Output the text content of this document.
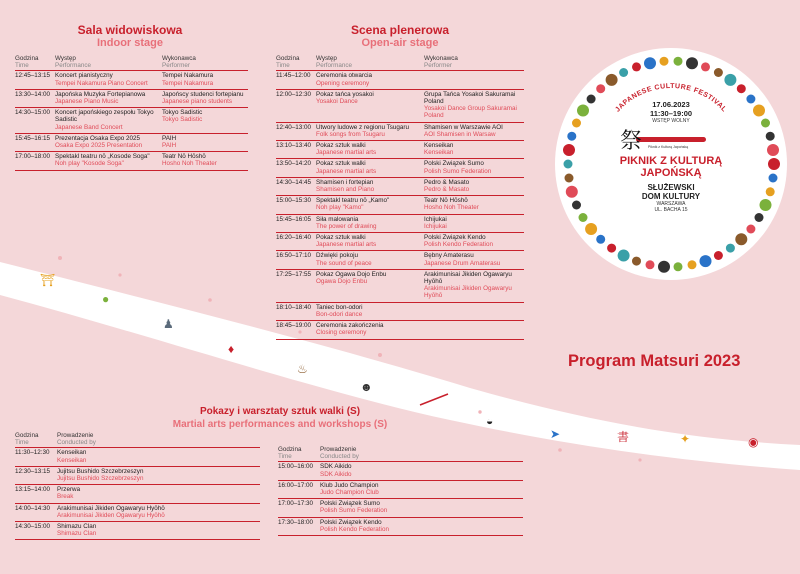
⛩
●
♟
♦
♨
☻
◒
➤	書	✦	◉
Sala widowiskowa
Indoor stage
Godzina
Time	Występ
Performance	Wykonawca
Performer

12:45–13:15	Koncert pianistyczny
Tempei Nakamura Piano Concert	Tempei Nakamura
Tempei Nakamura

13:30–14:00	Japońska Muzyka Fortepianowa
Japanese Piano Music	Japońscy studenci fortepianu
Japanese piano students

14:30–15:00	Koncert japońskiego zespołu Tokyo Sadistic
Japanese Band Concert	Tokyo Sadistic
Tokyo Sadistic

15:45–16:15	Prezentacja Osaka Expo 2025
Osaka Expo 2025 Presentation	PAIH
PAIH

17:00–18:00	Spektakl teatru nō „Kosode Soga"
Noh play "Kosode Soga"	Teatr Nō Hōshō
Hosho Noh Theater
Scena plenerowa
Open-air stage
Godzina
Time	Występ
Performance	Wykonawca
Performer

11:45–12:00	Ceremonia otwarcia
Opening ceremony	

12:00–12:30	Pokaz tańca yosakoi
Yosakoi Dance	Grupa Tańca Yosakoi Sakuramai Poland
Yosakoi Dance Group Sakuramai Poland

12:40–13:00	Utwory ludowe z regionu Tsugaru
Folk songs from Tsugaru	Shamisen w Warszawie AOI
AOI Shamisen in Warsaw

13:10–13:40	Pokaz sztuk walki
Japanese martial arts	Kenseikan
Kenseikan

13:50–14:20	Pokaz sztuk walki
Japanese martial arts	Polski Związek Sumo
Polish Sumo Federation

14:30–14:45	Shamisen i fortepian
Shamisen and Piano	Pedro & Masato
Pedro & Masato

15:00–15:30	Spektakl teatru nō „Kamo"
Noh play "Kamo"	Teatr Nō Hōshō
Hosho Noh Theater

15:45–16:05	Siła malowania
The power of drawing	Ichijukai
Ichijukai

16:20–16:40	Pokaz sztuk walki
Japanese martial arts	Polski Związek Kendo
Polish Kendo Federation

16:50–17:10	Dźwięki pokoju
The sound of peace	Bębny Amaterasu
Japanese Drum Amaterasu

17:25–17:55	Pokaz Ogawa Dojo Enbu
Ogawa Dojo Enbu	Arakimunisai Jikiden Ogawaryu Hyōhō
Arakimunisai Jikiden Ogawaryu Hyōhō

18:10–18:40	Taniec bon-odori
Bon-odori dance	

18:45–19:00	Ceremonia zakończenia
Closing ceremony	

JAPANESE CULTURE FESTIVAL
17.06.2023
11:30–19:00
WSTĘP WOLNY
祭 Piknik z Kulturą Japońską
PIKNIK Z KULTURĄ
JAPOŃSKĄ
SŁUŻEWSKI
DOM KULTURY
WARSZAWA
UL. BACHA 15
Program Matsuri 2023
Pokazy i warsztaty sztuk walki (S)
Martial arts performances and workshops (S)
Godzina
Time	Prowadzenie
Conducted by

11:30–12:30	Kenseikan
Kenseikan

12:30–13:15	Jujitsu Bushido Szczebrzeszyn
Jujitsu Bushido Szczebrzeszyn

13:15–14:00	Przerwa
Break

14:00–14:30	Arakimunisai Jikiden Ogawaryu Hyōhō
Arakimunisai Jikiden Ogawaryu Hyōhō

14:30–15:00	Shimazu Clan
Shimazu Clan
Godzina
Time	Prowadzenie
Conducted by

15:00–16:00	SDK Aikido
SDK Aikido

16:00–17:00	Klub Judo Champion
Judo Champion Club

17:00–17:30	Polski Związek Sumo
Polish Sumo Federation

17:30–18:00	Polski Związek Kendo
Polish Kendo Federation
